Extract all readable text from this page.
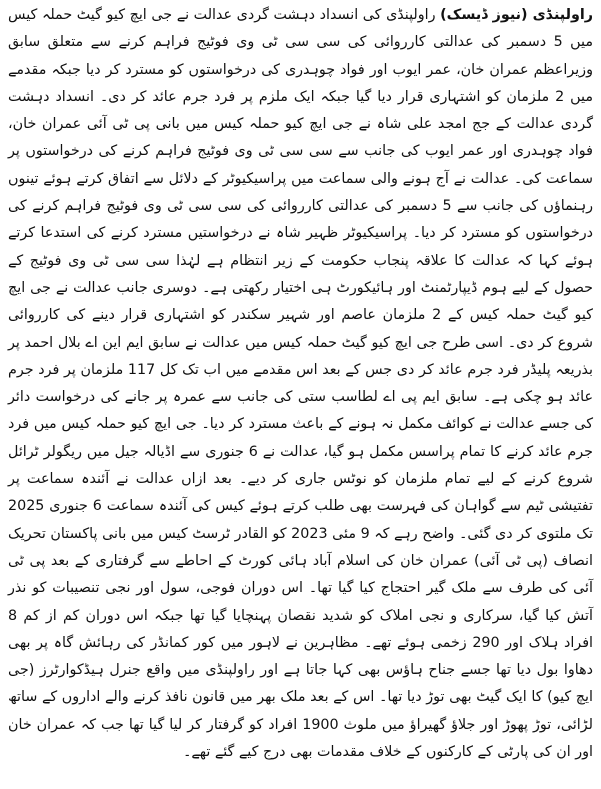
راولپنڈی (نیوز ڈیسک) راولپنڈی کی انسداد دہشت گردی عدالت نے جی ایچ کیو گیٹ حملہ کیس میں 5 دسمبر کی عدالتی کارروائی کی سی سی ٹی وی فوٹیج فراہم کرنے سے متعلق سابق وزیراعظم عمران خان، عمر ایوب اور فواد چوہدری کی درخواستوں کو مسترد کر دیا جبکہ مقدمے میں 2 ملزمان کو اشتہاری قرار دیا گیا جبکہ ایک ملزم پر فرد جرم عائد کر دی۔ انسداد دہشت گردی عدالت کے جج امجد علی شاہ نے جی ایچ کیو حملہ کیس میں بانی پی ٹی آئی عمران خان، فواد چوہدری اور عمر ایوب کی جانب سے سی سی ٹی وی فوٹیج فراہم کرنے کی درخواستوں پر سماعت کی۔ عدالت نے آج ہونے والی سماعت میں پراسیکیوٹر کے دلائل سے اتفاق کرتے ہوئے تینوں رہنماؤں کی جانب سے 5 دسمبر کی عدالتی کارروائی کی سی سی ٹی وی فوٹیج فراہم کرنے کی درخواستوں کو مسترد کر دیا۔ پراسیکیوٹر ظہیر شاہ نے درخواستیں مسترد کرنے کی استدعا کرتے ہوئے کہا کہ عدالت کا علاقہ پنجاب حکومت کے زیر انتظام ہے لہٰذا سی سی ٹی وی فوٹیج کے حصول کے لیے ہوم ڈیپارٹمنٹ اور ہائیکورٹ ہی اختیار رکھتی ہے۔ دوسری جانب عدالت نے جی ایچ کیو گیٹ حملہ کیس کے 2 ملزمان عاصم اور شہیر سکندر کو اشتہاری قرار دینے کی کارروائی شروع کر دی۔ اسی طرح جی ایچ کیو گیٹ حملہ کیس میں عدالت نے سابق ایم این اے بلال احمد پر بذریعہ پلیڈر فرد جرم عائد کر دی جس کے بعد اس مقدمے میں اب تک کل 117 ملزمان پر فرد جرم عائد ہو چکی ہے۔ سابق ایم پی اے لطاسب ستی کی جانب سے عمرہ پر جانے کی درخواست دائر کی جسے عدالت نے کوائف مکمل نہ ہونے کے باعث مسترد کر دیا۔ جی ایچ کیو حملہ کیس میں فرد جرم عائد کرنے کا تمام پراسس مکمل ہو گیا، عدالت نے 6 جنوری سے اڈیالہ جیل میں ریگولر ٹرائل شروع کرنے کے لیے تمام ملزمان کو نوٹس جاری کر دیے۔ بعد ازاں عدالت نے آئندہ سماعت پر تفتیشی ٹیم سے گواہان کی فہرست بھی طلب کرتے ہوئے کیس کی آئندہ سماعت 6 جنوری 2025 تک ملتوی کر دی گئی۔ واضح رہے کہ 9 مئی 2023 کو القادر ٹرسٹ کیس میں بانی پاکستان تحریک انصاف (پی ٹی آئی) عمران خان کی اسلام آباد ہائی کورٹ کے احاطے سے گرفتاری کے بعد پی ٹی آئی کی طرف سے ملک گیر احتجاج کیا گیا تھا۔ اس دوران فوجی، سول اور نجی تنصیبات کو نذر آتش کیا گیا، سرکاری و نجی املاک کو شدید نقصان پہنچایا گیا تھا جبکہ اس دوران کم از کم 8 افراد ہلاک اور 290 زخمی ہوئے تھے۔ مظاہرین نے لاہور میں کور کمانڈر کی رہائش گاہ پر بھی دھاوا بول دیا تھا جسے جناح ہاؤس بھی کہا جاتا ہے اور راولپنڈی میں واقع جنرل ہیڈکوارٹرز (جی ایچ کیو) کا ایک گیٹ بھی توڑ دیا تھا۔ اس کے بعد ملک بھر میں قانون نافذ کرنے والے اداروں کے ساتھ لڑائی، توڑ پھوڑ اور جلاؤ گھیراؤ میں ملوث 1900 افراد کو گرفتار کر لیا گیا تھا جب کہ عمران خان اور ان کی پارٹی کے کارکنوں کے خلاف مقدمات بھی درج کیے گئے تھے۔
